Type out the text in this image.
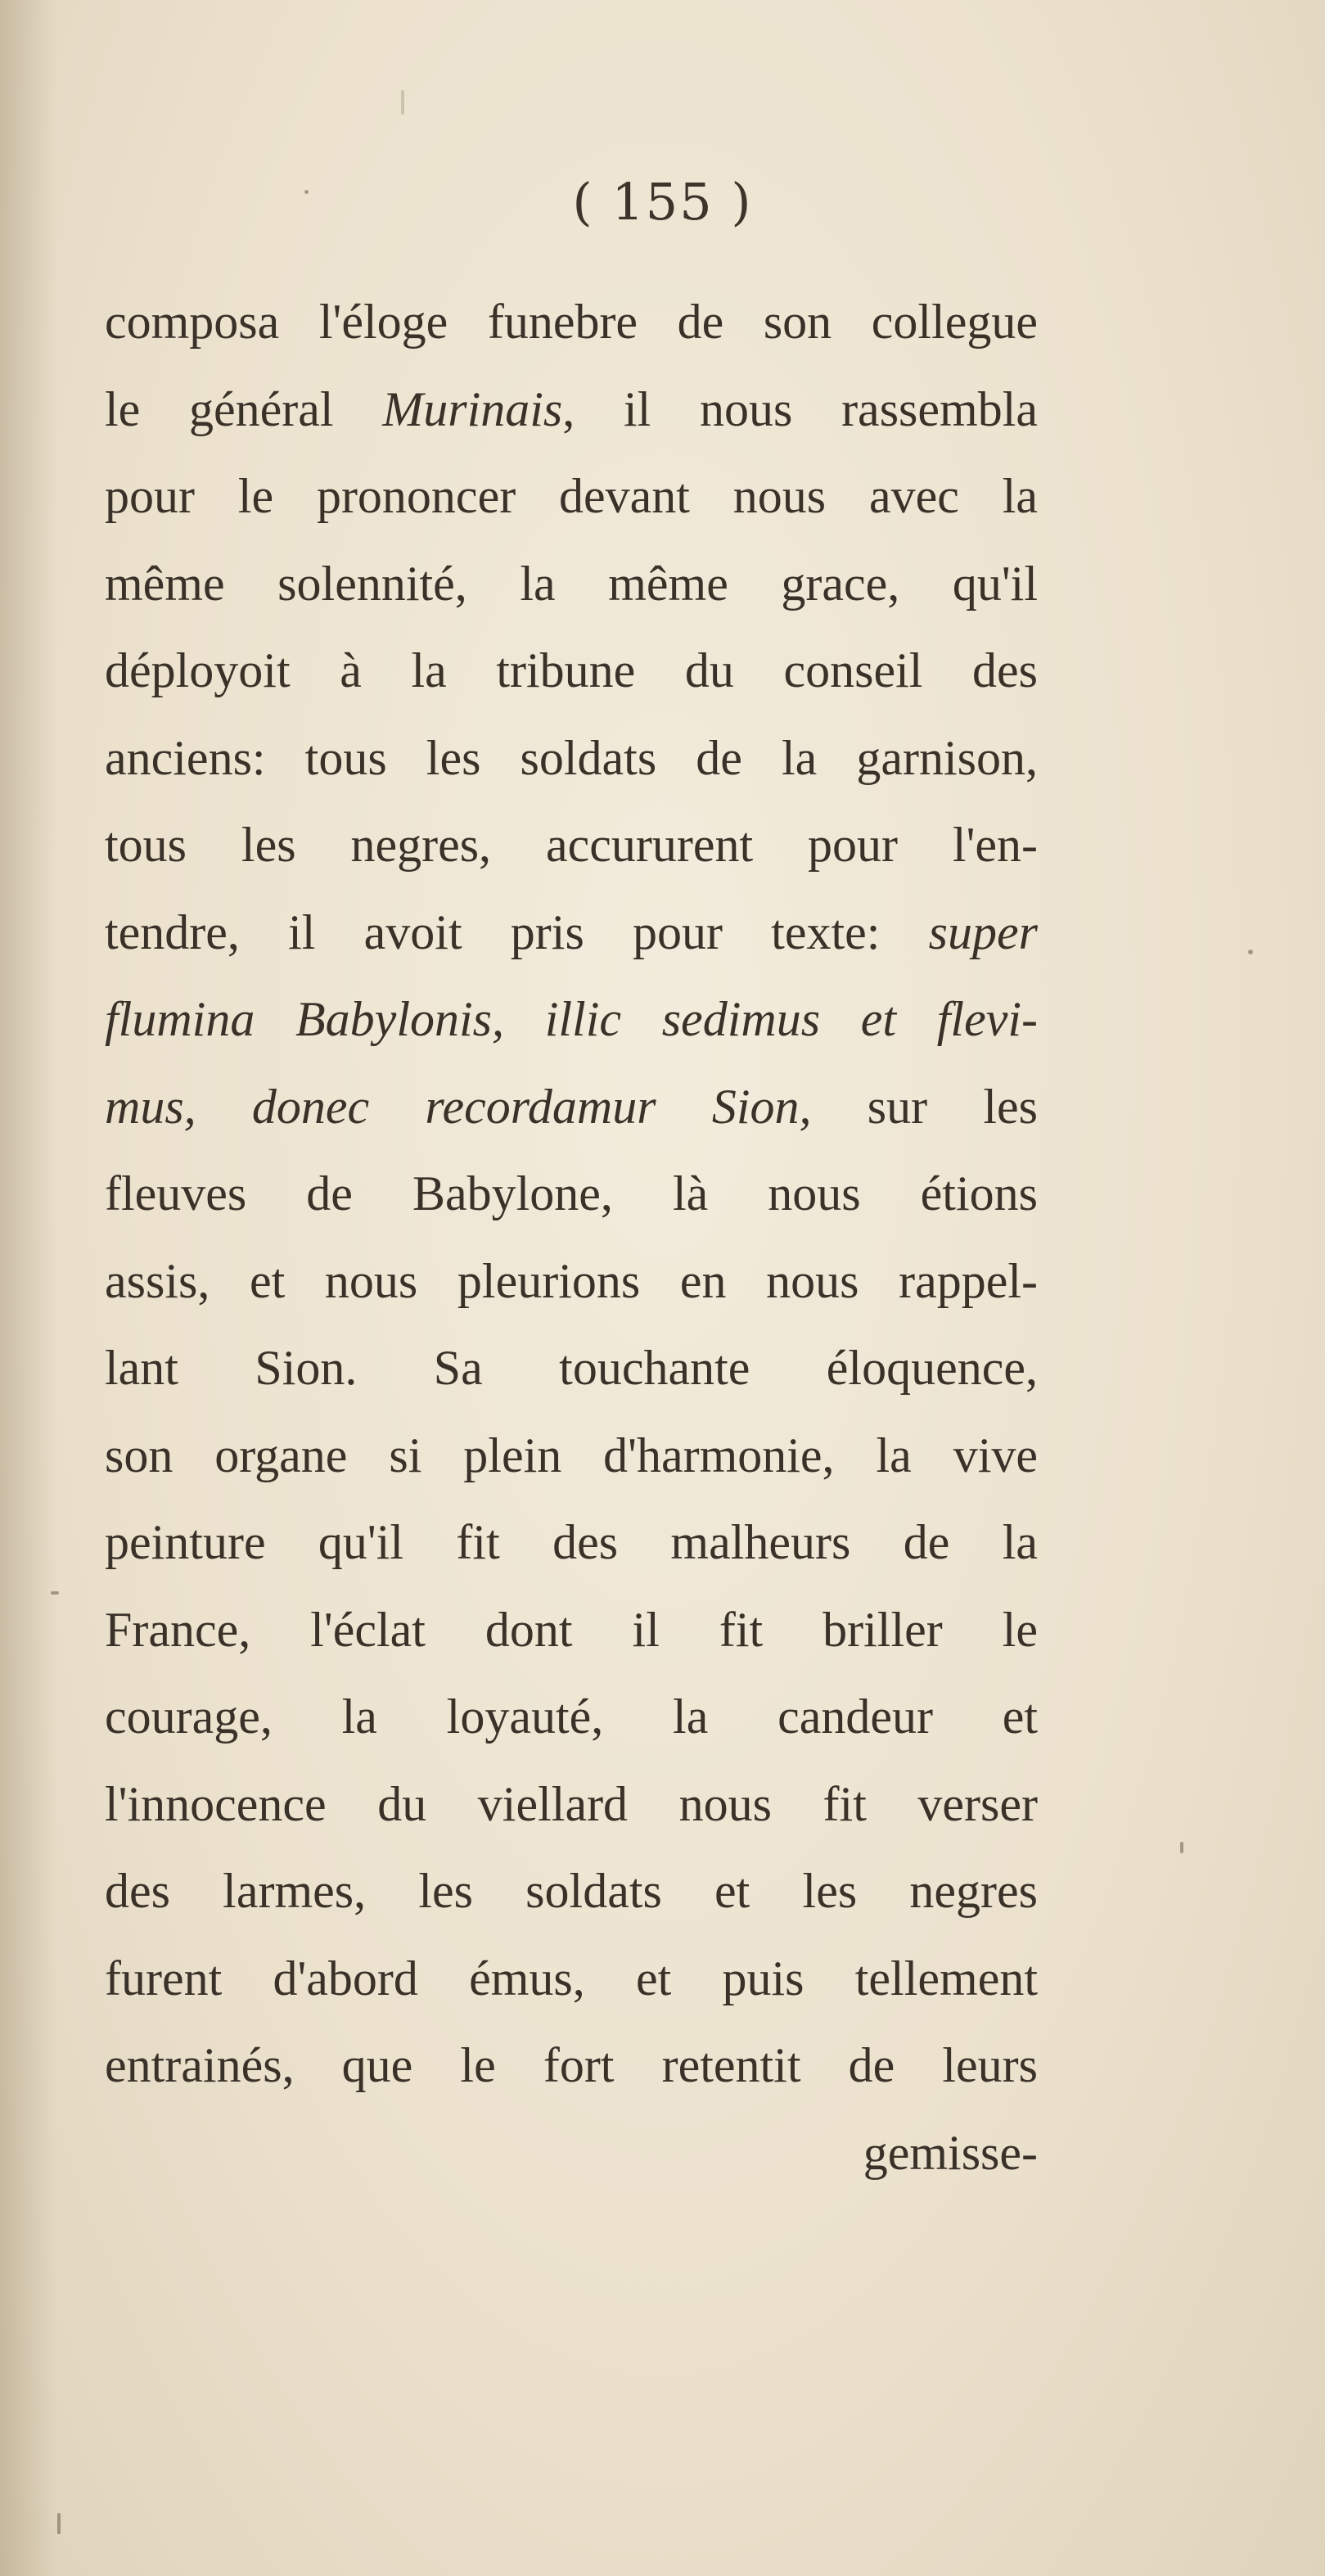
( 155 )
composa l'éloge funebre de son collegue
le général Murinais, il nous rassembla
pour le prononcer devant nous avec la
même solennité, la même grace, qu'il
déployoit à la tribune du conseil des
anciens: tous les soldats de la garnison,
tous les negres, accururent pour l'en-
tendre, il avoit pris pour texte: super
flumina Babylonis, illic sedimus et flevi-
mus, donec recordamur Sion, sur les
fleuves de Babylone, là nous étions
assis, et nous pleurions en nous rappel-
lant Sion. Sa touchante éloquence,
son organe si plein d'harmonie, la vive
peinture qu'il fit des malheurs de la
France, l'éclat dont il fit briller le
courage, la loyauté, la candeur et
l'innocence du viellard nous fit verser
des larmes, les soldats et les negres
furent d'abord émus, et puis tellement
entrainés, que le fort retentit de leurs
gemisse-
